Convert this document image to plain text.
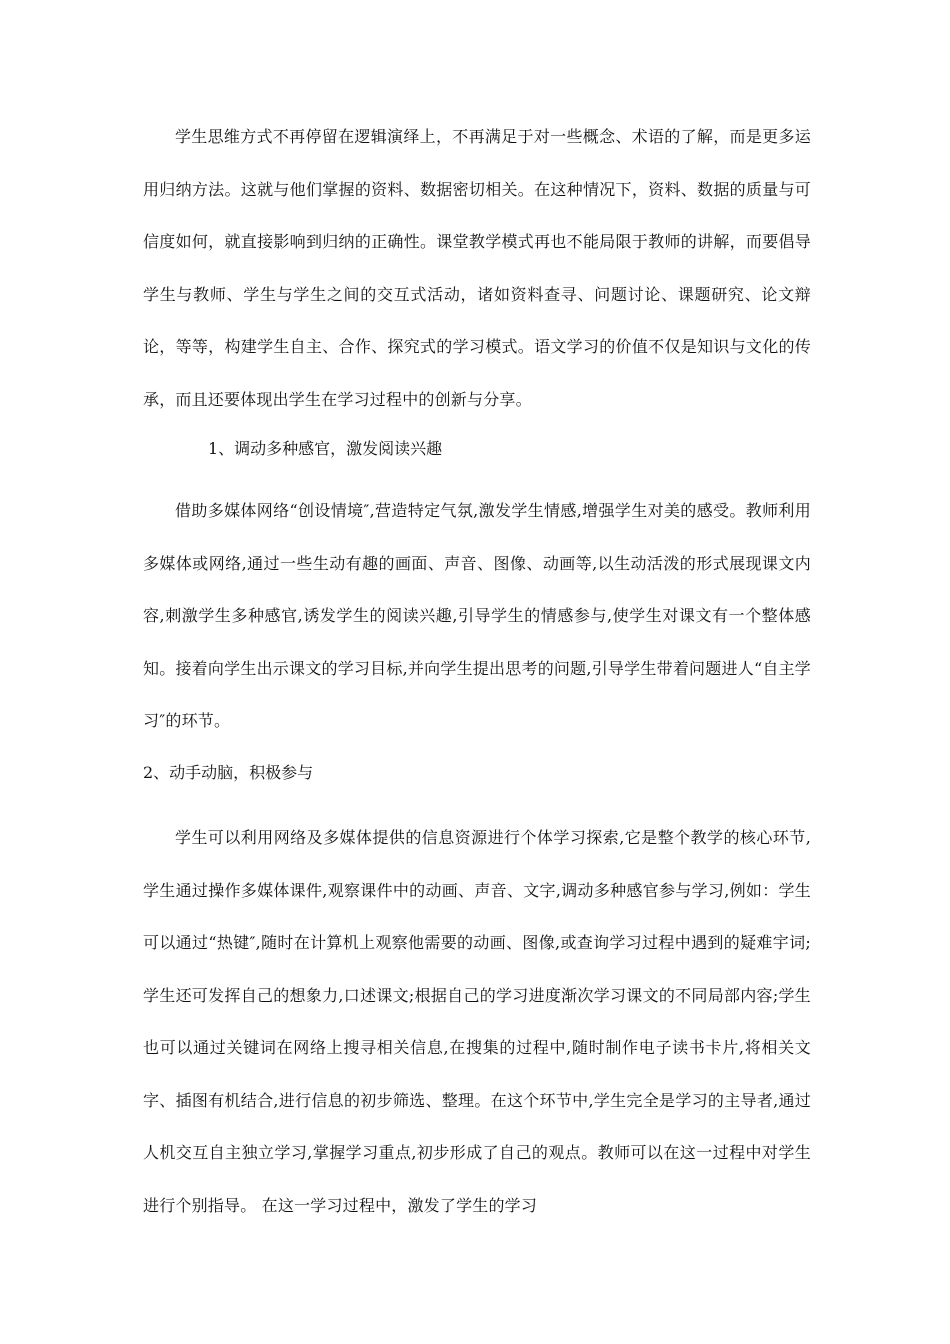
学生思维方式不再停留在逻辑演绎上，不再满足于对一些概念、术语的了解，而是更多运用归纳方法。这就与他们掌握的资料、数据密切相关。在这种情况下，资料、数据的质量与可信度如何，就直接影响到归纳的正确性。课堂教学模式再也不能局限于教师的讲解，而要倡导学生与教师、学生与学生之间的交互式活动，诸如资料查寻、问题讨论、课题研究、论文辩论，等等，构建学生自主、合作、探究式的学习模式。语文学习的价值不仅是知识与文化的传承，而且还要体现出学生在学习过程中的创新与分享。

1、调动多种感官，激发阅读兴趣

借助多媒体网络“创设情境″,营造特定气氛,激发学生情感,增强学生对美的感受。教师利用多媒体或网络,通过一些生动有趣的画面、声音、图像、动画等,以生动活泼的形式展现课文内容,刺激学生多种感官,诱发学生的阅读兴趣,引导学生的情感参与,使学生对课文有一个整体感知。接着向学生出示课文的学习目标,并向学生提出思考的问题,引导学生带着问题进人“自主学习″的环节。

2、动手动脑，积极参与

学生可以利用网络及多媒体提供的信息资源进行个体学习探索,它是整个教学的核心环节,学生通过操作多媒体课件,观察课件中的动画、声音、文字,调动多种感官参与学习,例如：学生可以通过“热键″,随时在计算机上观察他需要的动画、图像,或查询学习过程中遇到的疑难宇词;学生还可发挥自己的想象力,口述课文;根据自己的学习进度渐次学习课文的不同局部内容;学生也可以通过关键词在网络上搜寻相关信息,在搜集的过程中,随时制作电子读书卡片,将相关文字、插图有机结合,进行信息的初步筛选、整理。在这个环节中,学生完全是学习的主导者,通过人机交互自主独立学习,掌握学习重点,初步形成了自己的观点。教师可以在这一过程中对学生进行个别指导。 在这一学习过程中，激发了学生的学习
